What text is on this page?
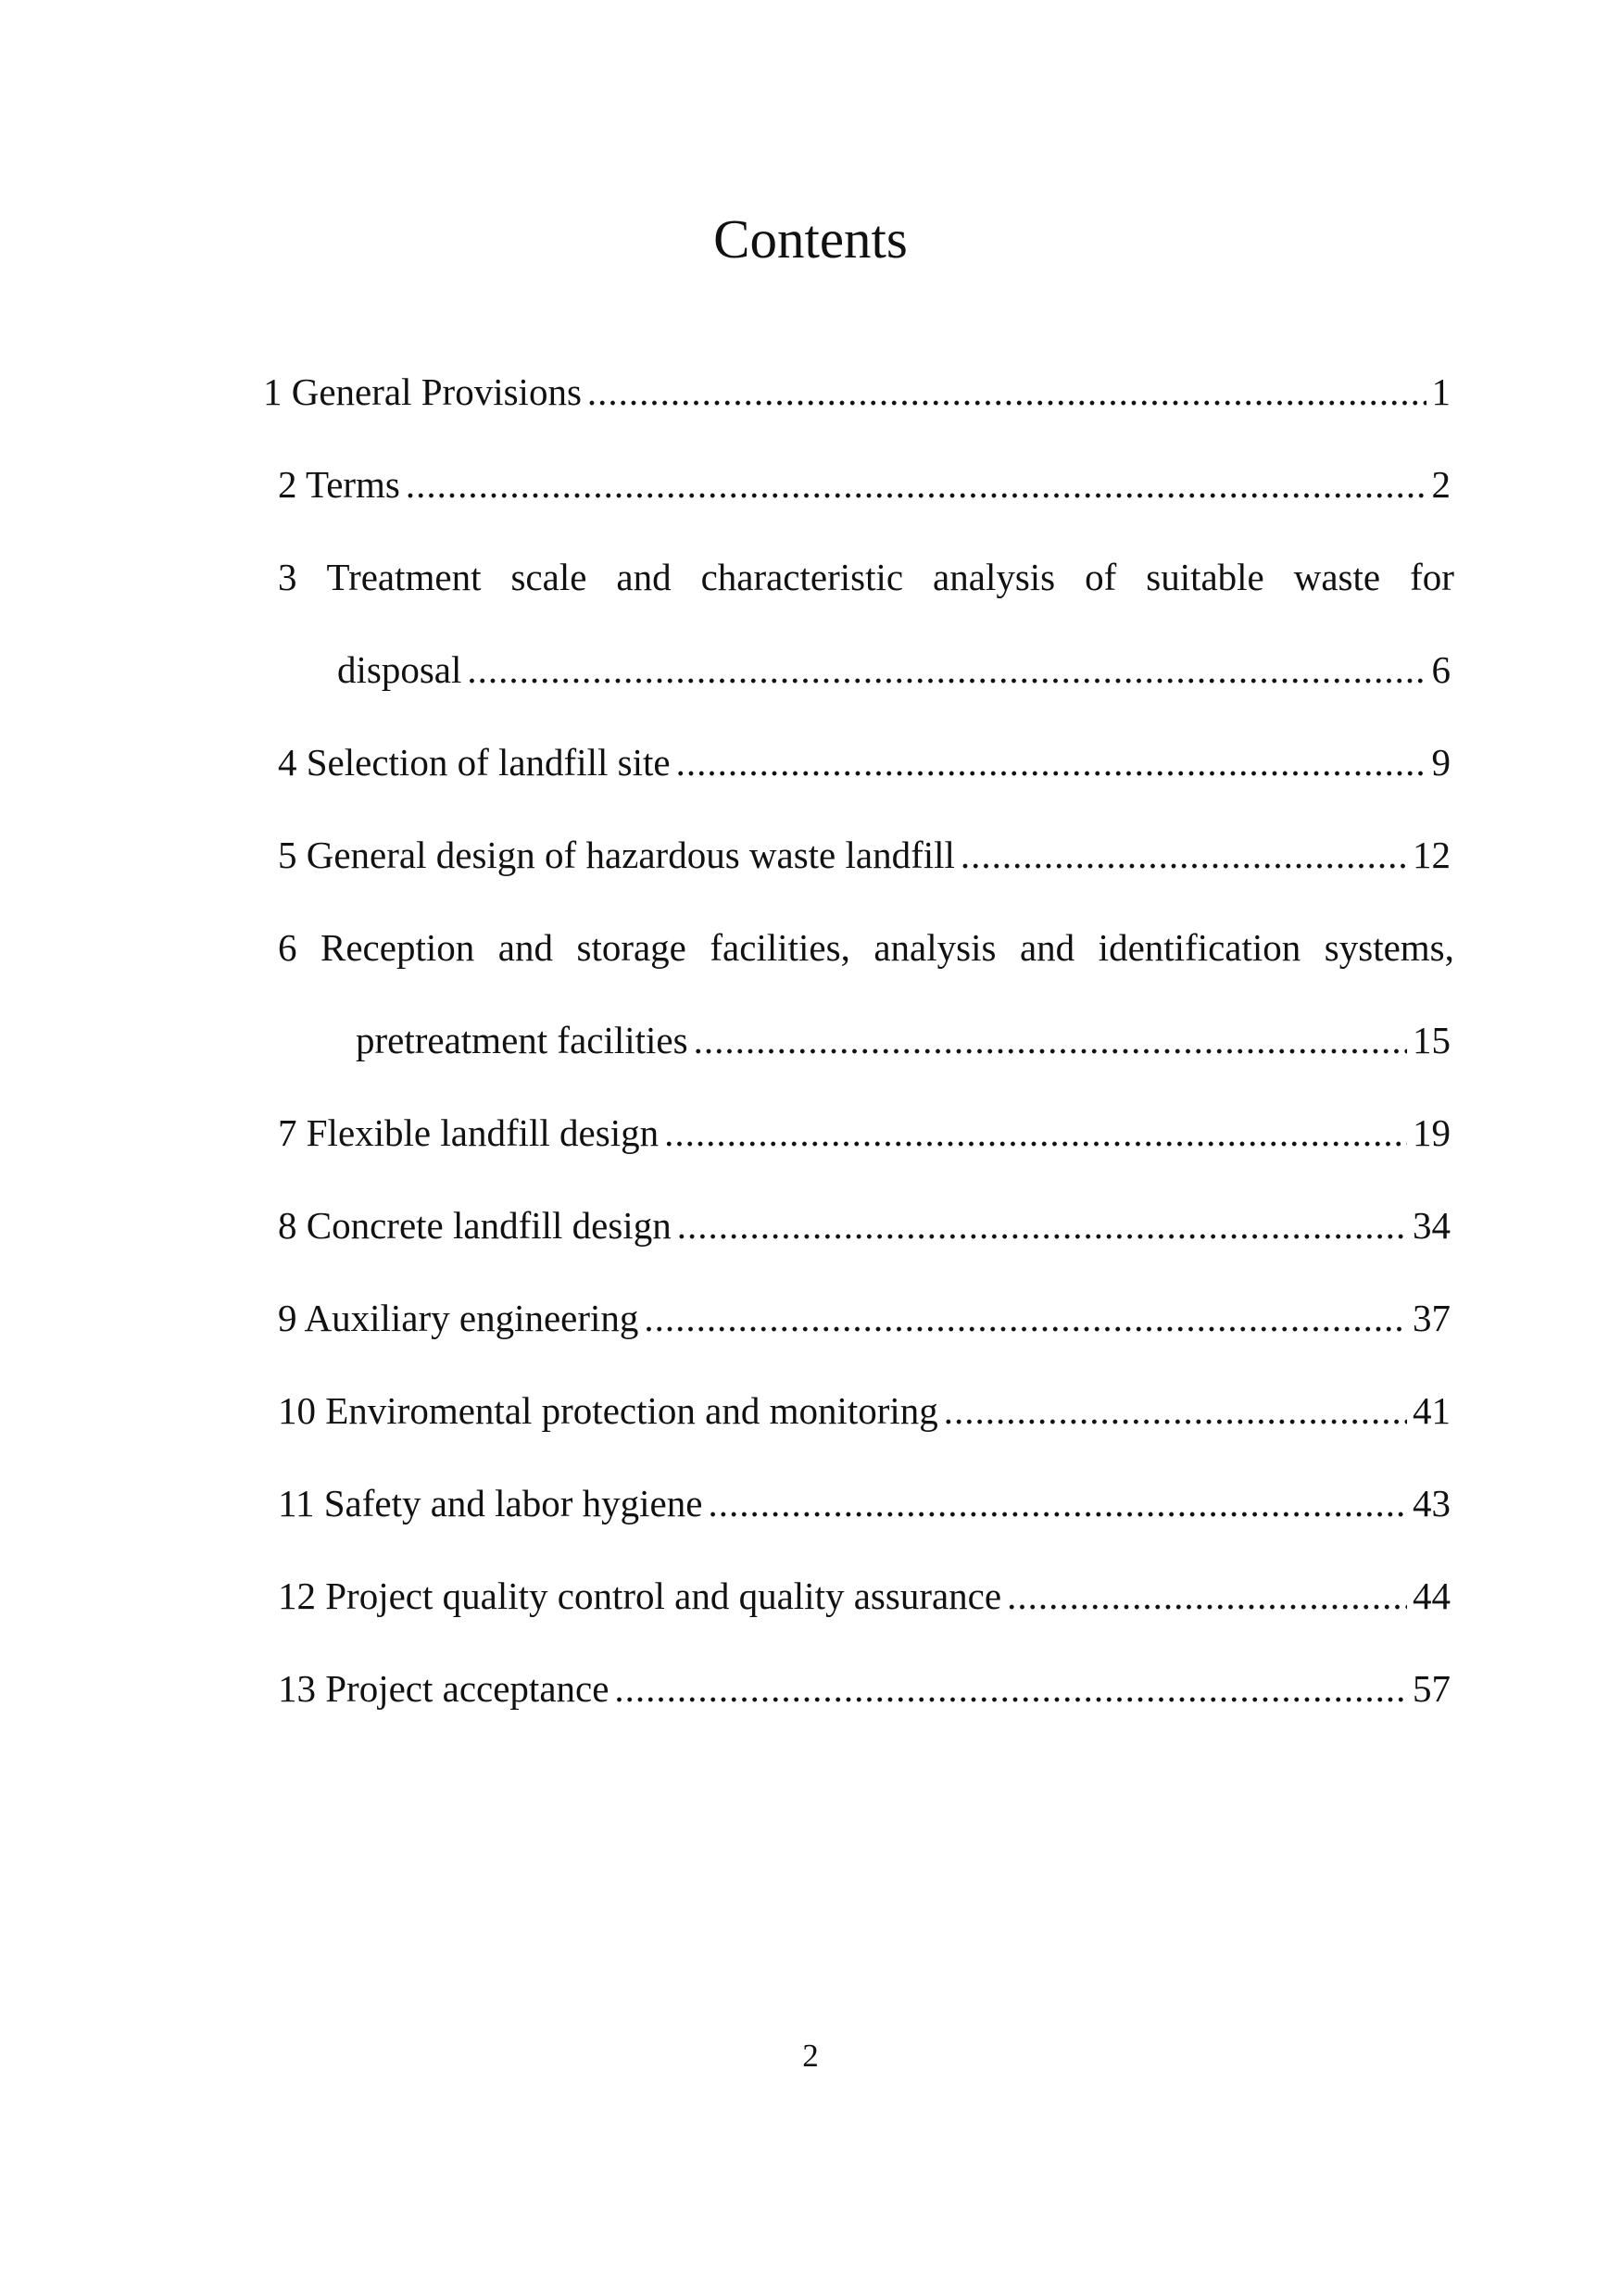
Contents
1 General Provisions .....	1
2 Terms .....	2
3 Treatment scale and characteristic analysis of suitable waste for
disposal .....	6
4 Selection of landfill site .....	9
5 General design of hazardous waste landfill .....	12
6 Reception and storage facilities, analysis and identification systems,
pretreatment facilities .....	15
7 Flexible landfill design .....	19
8 Concrete landfill design .....	34
9 Auxiliary engineering .....	37
10 Enviromental protection and monitoring .....	41
11 Safety and labor hygiene .....	43
12 Project quality control and quality assurance .....	44
13 Project acceptance .....	57
2
